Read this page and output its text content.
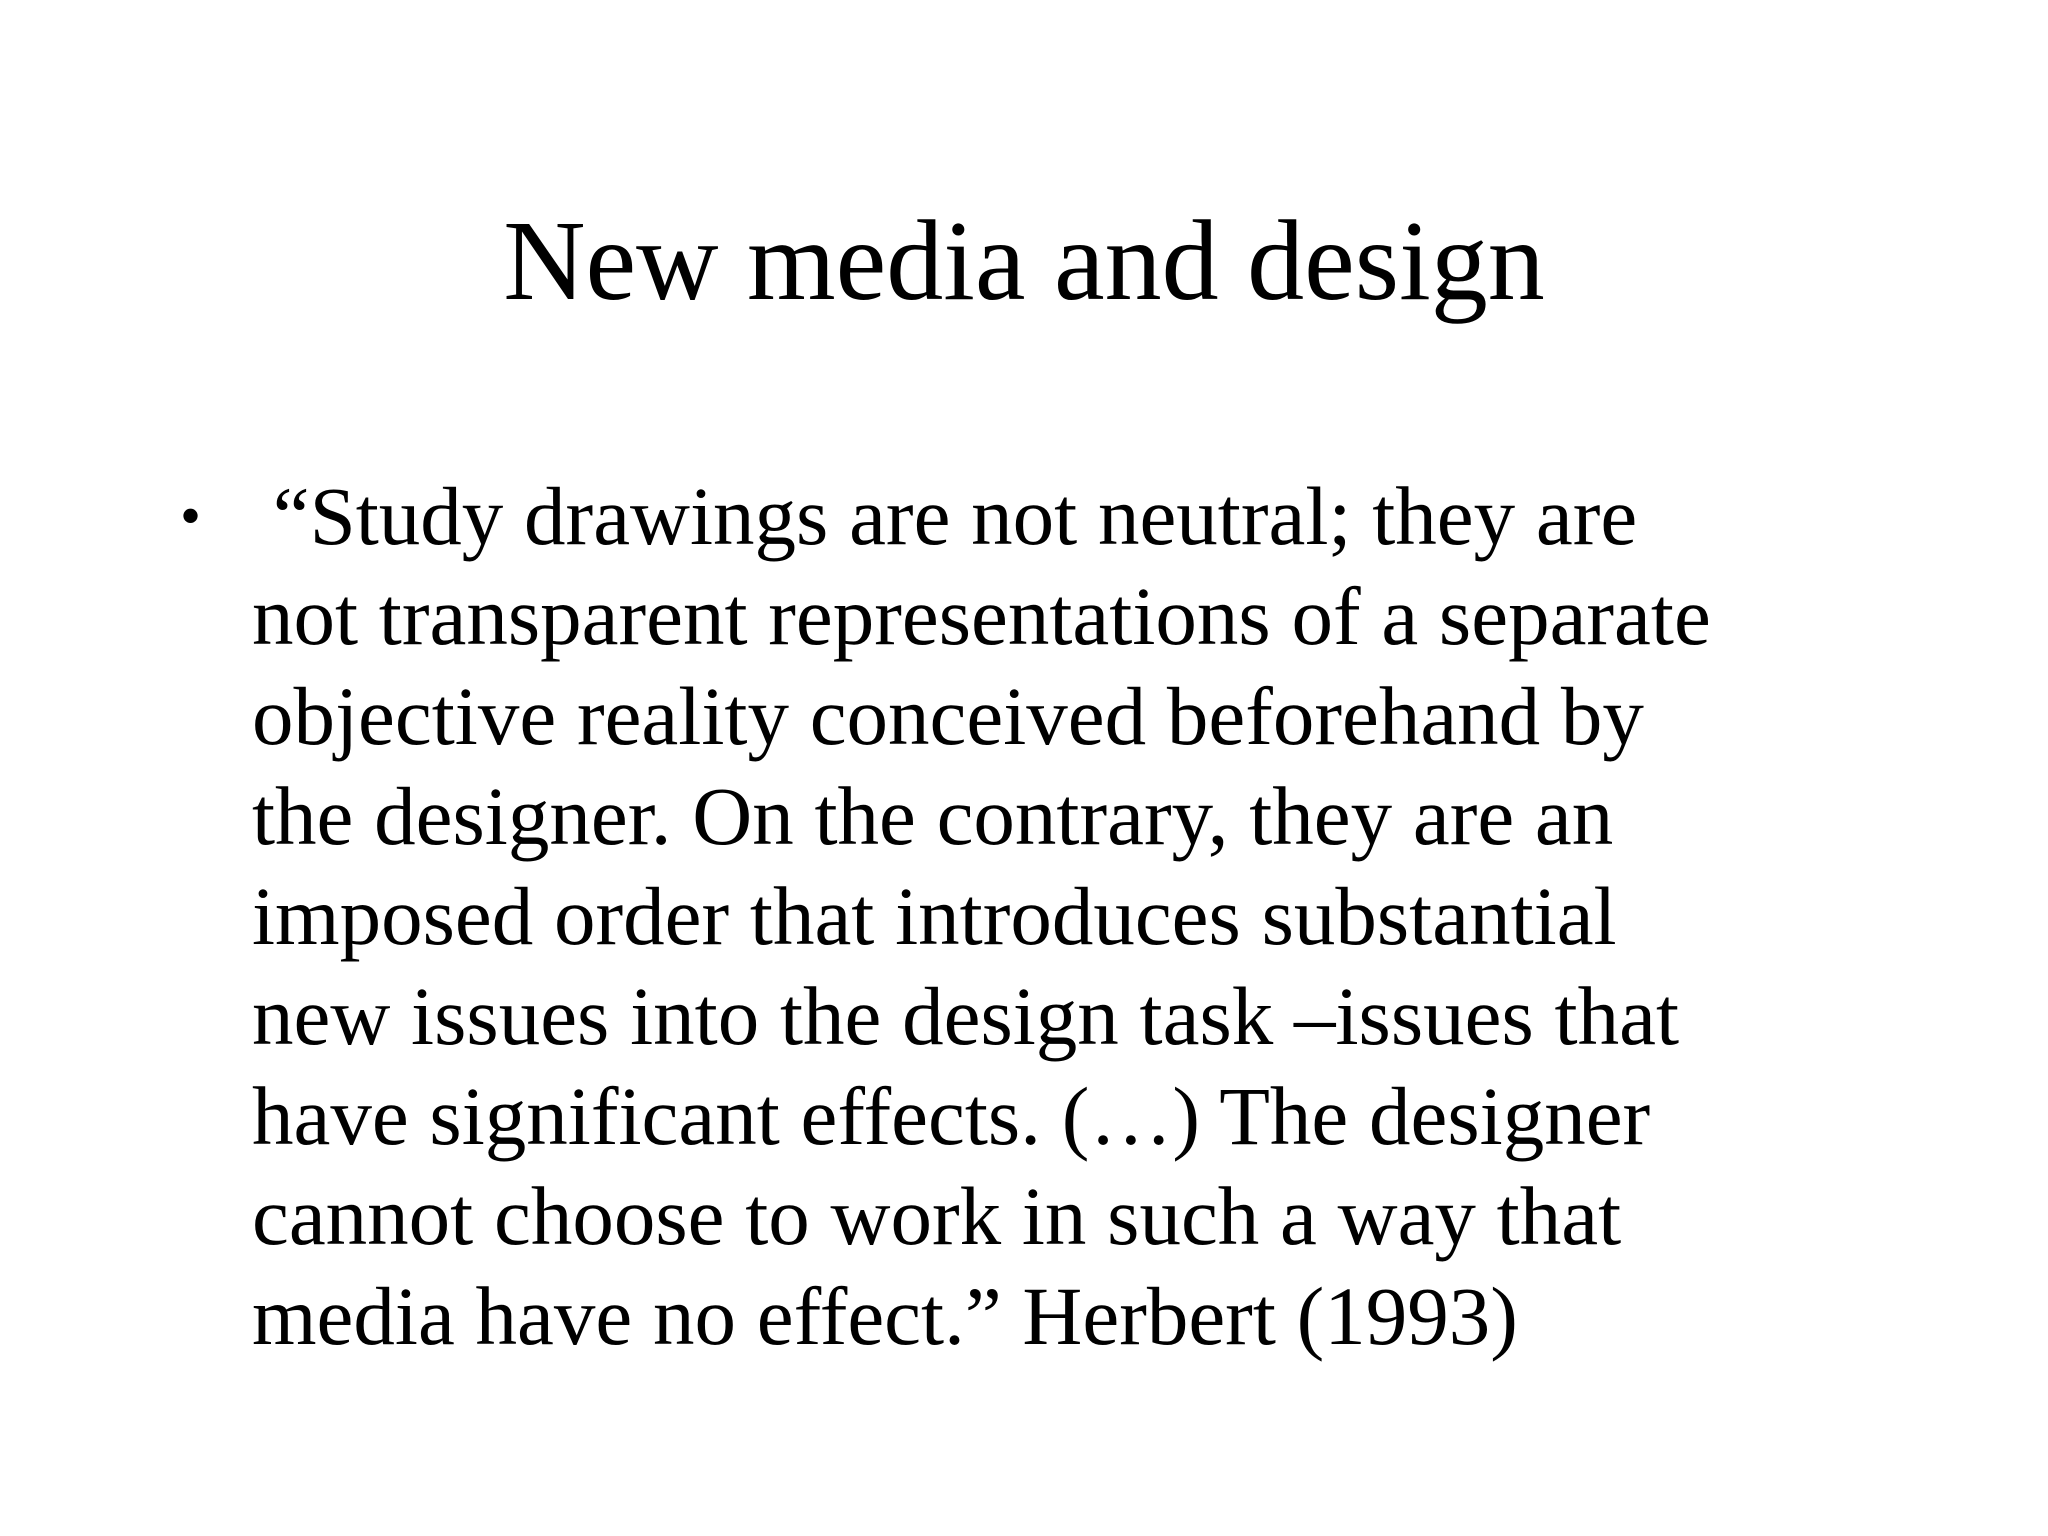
New media and design
• “Study drawings are not neutral; they are
not transparent representations of a separate
objective reality conceived beforehand by
the designer. On the contrary, they are an
imposed order that introduces substantial
new issues into the design task –issues that
have significant effects. (…) The designer
cannot choose to work in such a way that
media have no effect.” Herbert (1993)
